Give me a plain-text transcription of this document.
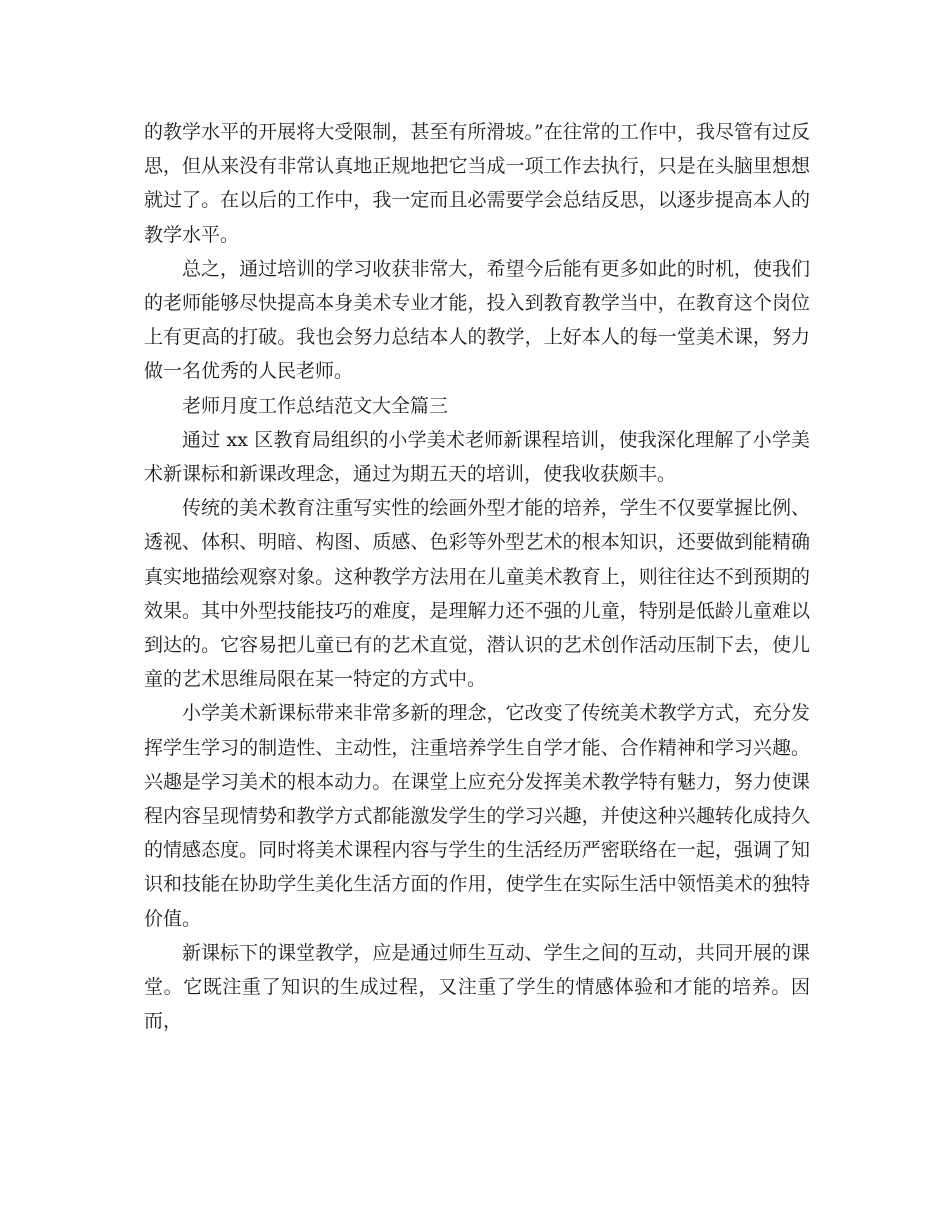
的教学水平的开展将大受限制，甚至有所滑坡。”在往常的工作中，我尽管有过反思，但从来没有非常认真地正规地把它当成一项工作去执行，只是在头脑里想想就过了。在以后的工作中，我一定而且必需要学会总结反思，以逐步提高本人的教学水平。

总之，通过培训的学习收获非常大，希望今后能有更多如此的时机，使我们的老师能够尽快提高本身美术专业才能，投入到教育教学当中，在教育这个岗位上有更高的打破。我也会努力总结本人的教学，上好本人的每一堂美术课，努力做一名优秀的人民老师。

老师月度工作总结范文大全篇三

通过 xx 区教育局组织的小学美术老师新课程培训，使我深化理解了小学美术新课标和新课改理念，通过为期五天的培训，使我收获颇丰。

传统的美术教育注重写实性的绘画外型才能的培养，学生不仅要掌握比例、透视、体积、明暗、构图、质感、色彩等外型艺术的根本知识，还要做到能精确真实地描绘观察对象。这种教学方法用在儿童美术教育上，则往往达不到预期的效果。其中外型技能技巧的难度，是理解力还不强的儿童，特别是低龄儿童难以到达的。它容易把儿童已有的艺术直觉，潜认识的艺术创作活动压制下去，使儿童的艺术思维局限在某一特定的方式中。

小学美术新课标带来非常多新的理念，它改变了传统美术教学方式，充分发挥学生学习的制造性、主动性，注重培养学生自学才能、合作精神和学习兴趣。兴趣是学习美术的根本动力。在课堂上应充分发挥美术教学特有魅力，努力使课程内容呈现情势和教学方式都能激发学生的学习兴趣，并使这种兴趣转化成持久的情感态度。同时将美术课程内容与学生的生活经历严密联络在一起，强调了知识和技能在协助学生美化生活方面的作用，使学生在实际生活中领悟美术的独特价值。

新课标下的课堂教学，应是通过师生互动、学生之间的互动，共同开展的课堂。它既注重了知识的生成过程，又注重了学生的情感体验和才能的培养。因而，
